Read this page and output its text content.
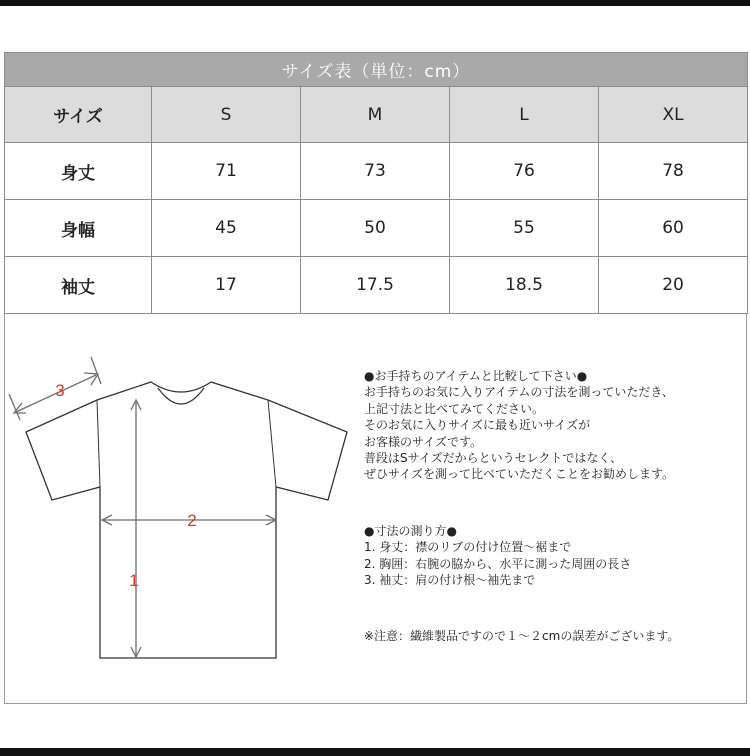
サイズ表（単位：cm）				
サイズ	S	M	L	XL
身丈	71	73	76	78
身幅	45	50	55	60
袖丈	17	17.5	18.5	20
1
2
3

●お手持ちのアイテムと比較して下さい●

お手持ちのお気に入りアイテムの寸法を測っていただき、

上記寸法と比べてみてください。

そのお気に入りサイズに最も近いサイズが

お客様のサイズです。

普段はSサイズだからというセレクトではなく、

ぜひサイズを測って比べていただくことをお勧めします。

●寸法の測り方●

1. 身丈：襟のリブの付け位置～裾まで

2. 胸囲：右腕の脇から、水平に測った周囲の長さ

3. 袖丈：肩の付け根～袖先まで

※注意：繊維製品ですので１～２cmの誤差がございます。
